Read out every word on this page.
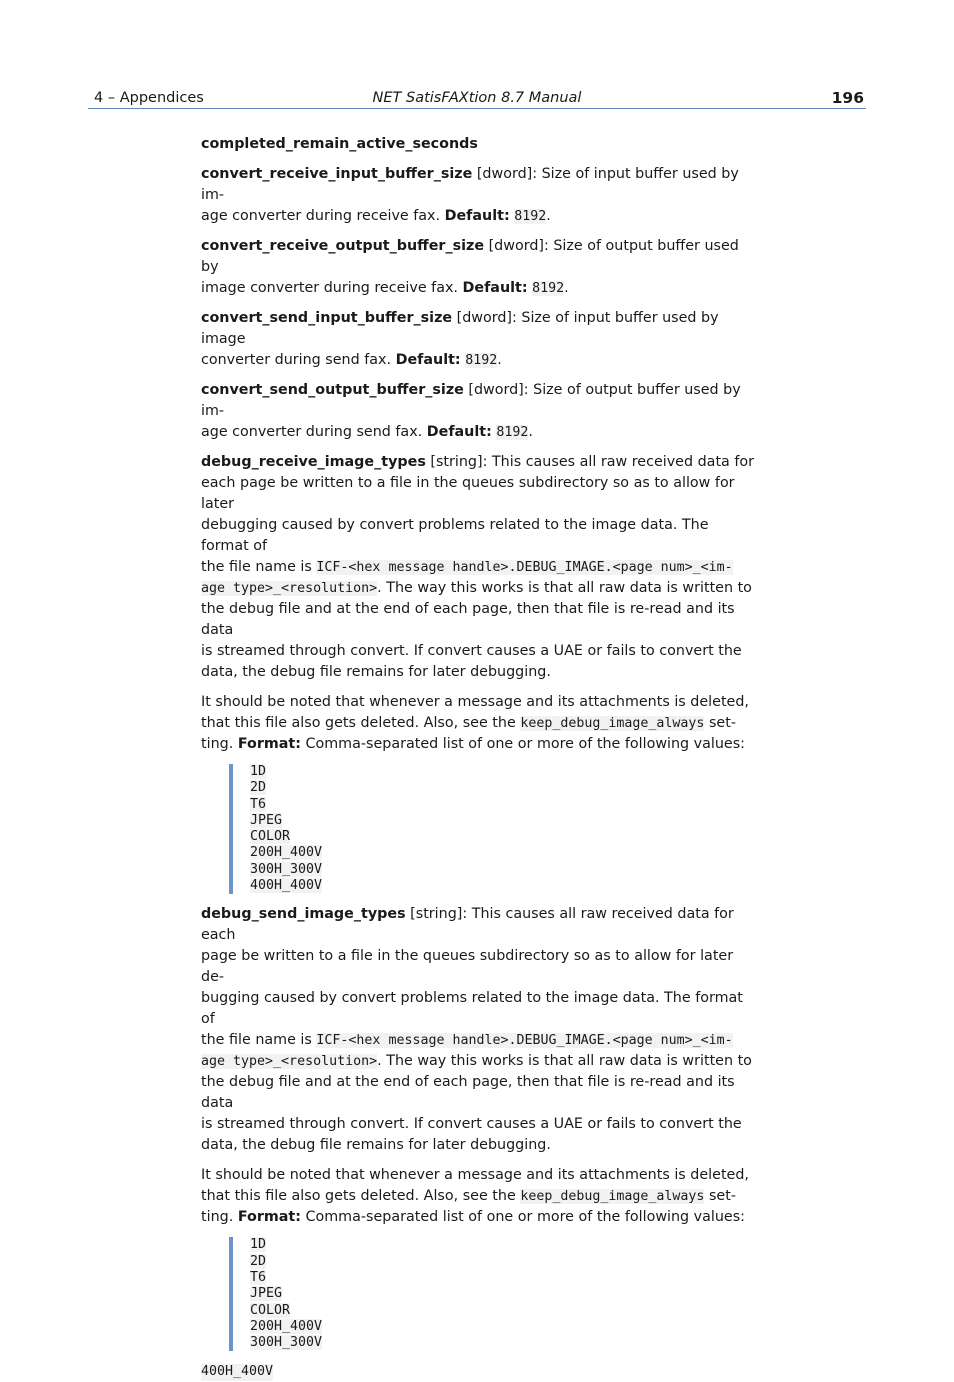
4 – Appendices	NET SatisFAXtion 8.7 Manual	196
completed_remain_active_seconds
convert_receive_input_buffer_size [dword]: Size of input buffer used by im-
age converter during receive fax. Default: 8192.
convert_receive_output_buffer_size [dword]: Size of output buffer used by
image converter during receive fax. Default: 8192.
convert_send_input_buffer_size [dword]: Size of input buffer used by image
converter during send fax. Default: 8192.
convert_send_output_buffer_size [dword]: Size of output buffer used by im-
age converter during send fax. Default: 8192.
debug_receive_image_types [string]: This causes all raw received data for
each page be written to a file in the queues subdirectory so as to allow for later
debugging caused by convert problems related to the image data. The format of
the file name is ICF-<hex message handle>.DEBUG_IMAGE.<page num>_<im-
age type>_<resolution>. The way this works is that all raw data is written to
the debug file and at the end of each page, then that file is re-read and its data
is streamed through convert. If convert causes a UAE or fails to convert the
data, the debug file remains for later debugging.
It should be noted that whenever a message and its attachments is deleted,
that this file also gets deleted. Also, see the keep_debug_image_always set-
ting. Format: Comma-separated list of one or more of the following values:
1D
2D
T6
JPEG
COLOR
200H_400V
300H_300V
400H_400V
debug_send_image_types [string]: This causes all raw received data for each
page be written to a file in the queues subdirectory so as to allow for later de-
bugging caused by convert problems related to the image data. The format of
the file name is ICF-<hex message handle>.DEBUG_IMAGE.<page num>_<im-
age type>_<resolution>. The way this works is that all raw data is written to
the debug file and at the end of each page, then that file is re-read and its data
is streamed through convert. If convert causes a UAE or fails to convert the
data, the debug file remains for later debugging.
It should be noted that whenever a message and its attachments is deleted,
that this file also gets deleted. Also, see the keep_debug_image_always set-
ting. Format: Comma-separated list of one or more of the following values:
1D
2D
T6
JPEG
COLOR
200H_400V
300H_300V
400H_400V
